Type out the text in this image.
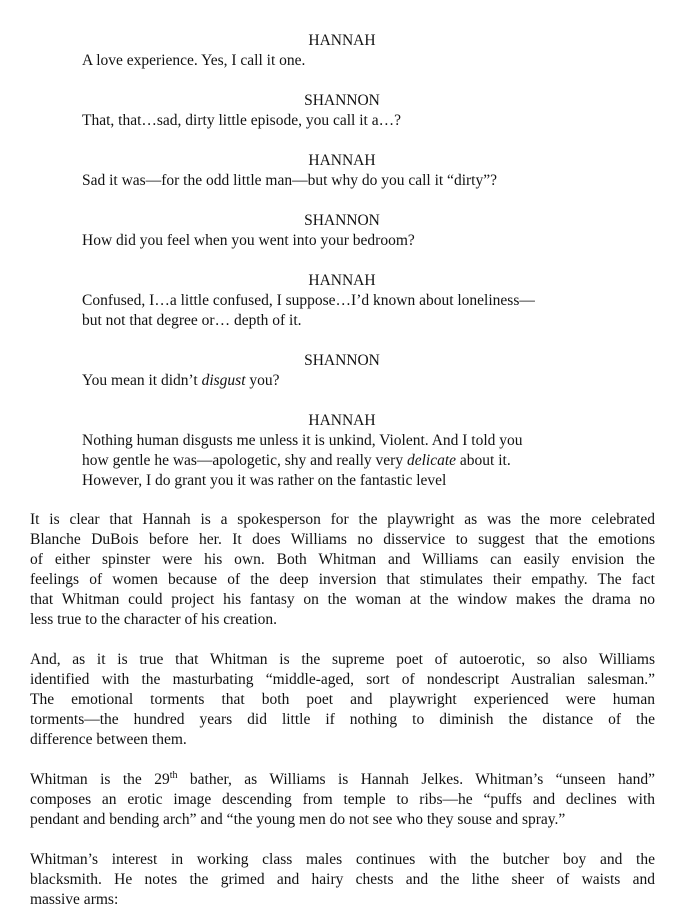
HANNAH

A love experience. Yes, I call it one.

SHANNON

That, that…sad, dirty little episode, you call it a…?

HANNAH

Sad it was—for the odd little man—but why do you call it “dirty”?

SHANNON

How did you feel when you went into your bedroom?

HANNAH

Confused, I…a little confused, I suppose…I’d known about loneliness—

but not that degree or… depth of it.

SHANNON

You mean it didn’t disgust you?

HANNAH

Nothing human disgusts me unless it is unkind, Violent. And I told you

how gentle he was—apologetic, shy and really very delicate about it.

However, I do grant you it was rather on the fantastic level

It is clear that Hannah is a spokesperson for the playwright as was the more celebrated
Blanche DuBois before her. It does Williams no disservice to suggest that the emotions
of either spinster were his own. Both Whitman and Williams can easily envision the
feelings of women because of the deep inversion that stimulates their empathy. The fact
that Whitman could project his fantasy on the woman at the window makes the drama no
less true to the character of his creation.
And, as it is true that Whitman is the supreme poet of autoerotic, so also Williams
identified with the masturbating “middle-aged, sort of nondescript Australian salesman.”
The emotional torments that both poet and playwright experienced were human
torments—the hundred years did little if nothing to diminish the distance of the
difference between them.
Whitman is the 29th bather, as Williams is Hannah Jelkes. Whitman’s “unseen hand”
composes an erotic image descending from temple to ribs—he “puffs and declines with
pendant and bending arch” and “the young men do not see who they souse and spray.”
Whitman’s interest in working class males continues with the butcher boy and the
blacksmith. He notes the grimed and hairy chests and the lithe sheer of waists and
massive arms:
